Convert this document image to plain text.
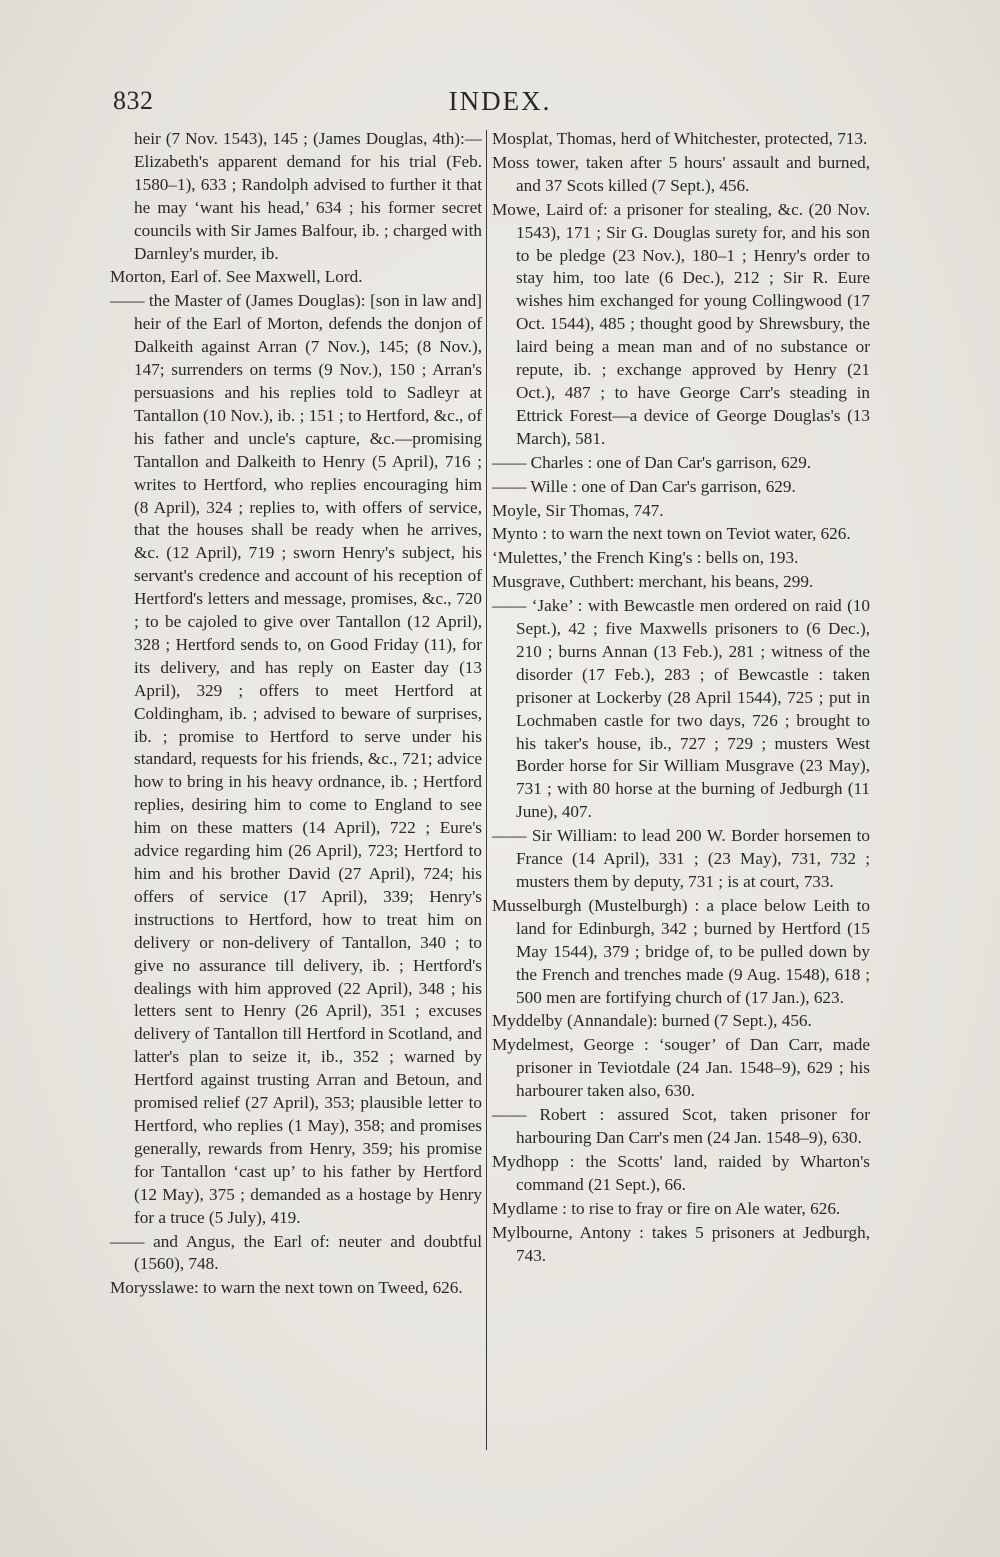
832	INDEX.

heir (7 Nov. 1543), 145 ; (James Douglas, 4th):—Elizabeth's apparent demand for his trial (Feb. 1580–1), 633 ; Randolph advised to further it that he may ‘want his head,’ 634 ; his former secret councils with Sir James Balfour, ib. ; charged with Darnley's murder, ib.

Morton, Earl of. See Maxwell, Lord.

—— the Master of (James Douglas): [son in law and] heir of the Earl of Morton, defends the donjon of Dalkeith against Arran (7 Nov.), 145; (8 Nov.), 147; surrenders on terms (9 Nov.), 150 ; Arran's persuasions and his replies told to Sadleyr at Tantallon (10 Nov.), ib. ; 151 ; to Hertford, &c., of his father and uncle's capture, &c.—promising Tantallon and Dalkeith to Henry (5 April), 716 ; writes to Hertford, who replies encouraging him (8 April), 324 ; replies to, with offers of service, that the houses shall be ready when he arrives, &c. (12 April), 719 ; sworn Henry's subject, his servant's credence and account of his reception of Hertford's letters and message, promises, &c., 720 ; to be cajoled to give over Tantallon (12 April), 328 ; Hertford sends to, on Good Friday (11), for its delivery, and has reply on Easter day (13 April), 329 ; offers to meet Hertford at Coldingham, ib. ; advised to beware of surprises, ib. ; promise to Hertford to serve under his standard, requests for his friends, &c., 721; advice how to bring in his heavy ordnance, ib. ; Hertford replies, desiring him to come to England to see him on these matters (14 April), 722 ; Eure's advice regarding him (26 April), 723; Hertford to him and his brother David (27 April), 724; his offers of service (17 April), 339; Henry's instructions to Hertford, how to treat him on delivery or non-delivery of Tantallon, 340 ; to give no assurance till delivery, ib. ; Hertford's dealings with him approved (22 April), 348 ; his letters sent to Henry (26 April), 351 ; excuses delivery of Tantallon till Hertford in Scotland, and latter's plan to seize it, ib., 352 ; warned by Hertford against trusting Arran and Betoun, and promised relief (27 April), 353; plausible letter to Hertford, who replies (1 May), 358; and promises generally, rewards from Henry, 359; his promise for Tantallon ‘cast up’ to his father by Hertford (12 May), 375 ; demanded as a hostage by Henry for a truce (5 July), 419.

—— and Angus, the Earl of: neuter and doubtful (1560), 748.

Morysslawe: to warn the next town on Tweed, 626.

Mosplat, Thomas, herd of Whitchester, protected, 713.

Moss tower, taken after 5 hours' assault and burned, and 37 Scots killed (7 Sept.), 456.

Mowe, Laird of: a prisoner for stealing, &c. (20 Nov. 1543), 171 ; Sir G. Douglas surety for, and his son to be pledge (23 Nov.), 180–1 ; Henry's order to stay him, too late (6 Dec.), 212 ; Sir R. Eure wishes him exchanged for young Collingwood (17 Oct. 1544), 485 ; thought good by Shrewsbury, the laird being a mean man and of no substance or repute, ib. ; exchange approved by Henry (21 Oct.), 487 ; to have George Carr's steading in Ettrick Forest—a device of George Douglas's (13 March), 581.

—— Charles : one of Dan Car's garrison, 629.

—— Wille : one of Dan Car's garrison, 629.

Moyle, Sir Thomas, 747.

Mynto : to warn the next town on Teviot water, 626.

‘Mulettes,’ the French King's : bells on, 193.

Musgrave, Cuthbert: merchant, his beans, 299.

—— ‘Jake’ : with Bewcastle men ordered on raid (10 Sept.), 42 ; five Maxwells prisoners to (6 Dec.), 210 ; burns Annan (13 Feb.), 281 ; witness of the disorder (17 Feb.), 283 ; of Bewcastle : taken prisoner at Lockerby (28 April 1544), 725 ; put in Lochmaben castle for two days, 726 ; brought to his taker's house, ib., 727 ; 729 ; musters West Border horse for Sir William Musgrave (23 May), 731 ; with 80 horse at the burning of Jedburgh (11 June), 407.

—— Sir William: to lead 200 W. Border horsemen to France (14 April), 331 ; (23 May), 731, 732 ; musters them by deputy, 731 ; is at court, 733.

Musselburgh (Mustelburgh) : a place below Leith to land for Edinburgh, 342 ; burned by Hertford (15 May 1544), 379 ; bridge of, to be pulled down by the French and trenches made (9 Aug. 1548), 618 ; 500 men are fortifying church of (17 Jan.), 623.

Myddelby (Annandale): burned (7 Sept.), 456.

Mydelmest, George : ‘souger’ of Dan Carr, made prisoner in Teviotdale (24 Jan. 1548–9), 629 ; his harbourer taken also, 630.

—— Robert : assured Scot, taken prisoner for harbouring Dan Carr's men (24 Jan. 1548–9), 630.

Mydhopp : the Scotts' land, raided by Wharton's command (21 Sept.), 66.

Mydlame : to rise to fray or fire on Ale water, 626.

Mylbourne, Antony : takes 5 prisoners at Jedburgh, 743.
